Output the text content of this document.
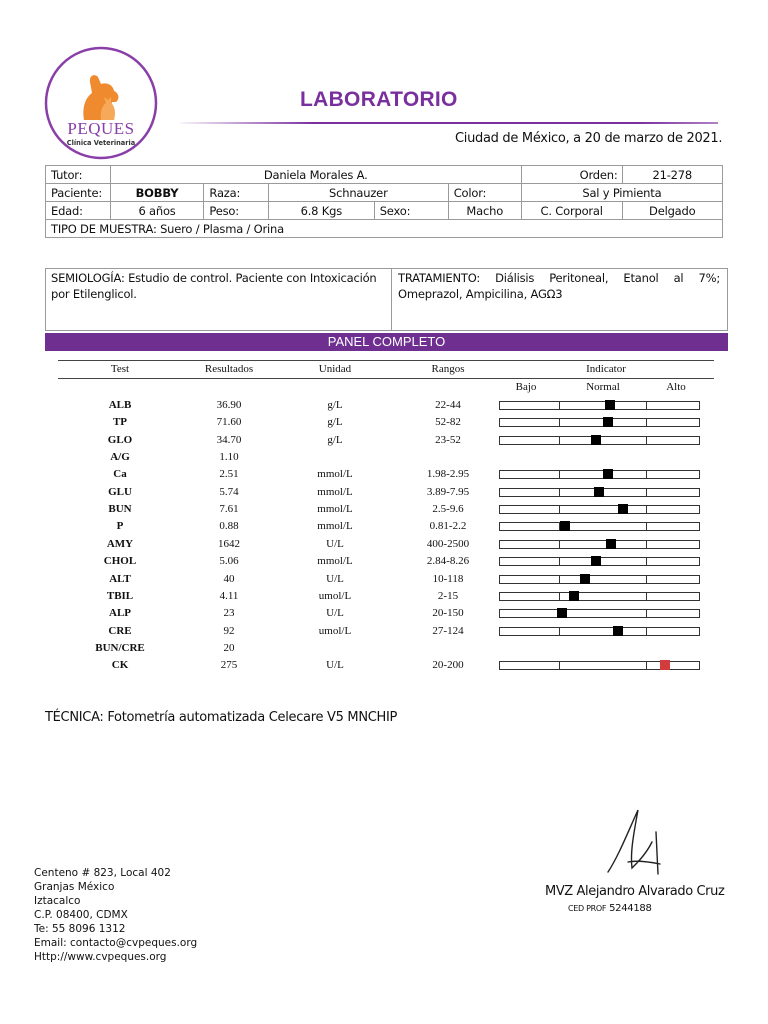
PEQUES
Clínica Veterinaria
LABORATORIO
Ciudad de México, a 20 de marzo de 2021.
Tutor:	Daniela Morales A.					Orden:	21-278
Paciente:	BOBBY	Raza:	Schnauzer		Color:	Sal y Pimienta	
Edad:	6 años	Peso:	6.8 Kgs	Sexo:	Macho	C. Corporal	Delgado
TIPO DE MUESTRA: Suero / Plasma / Orina							
SEMIOLOGÍA: Estudio de control. Paciente con Intoxicación por Etilenglicol.
TRATAMIENTO: Diálisis Peritoneal, Etanol al 7%; Omeprazol, Ampicilina, AGΩ3
PANEL COMPLETO
Test	Resultados	Unidad	Rangos	Indicator
Bajo	Normal	Alto
ALB	36.90	g/L	22-44
TP	71.60	g/L	52-82
GLO	34.70	g/L	23-52
A/G	1.10
Ca	2.51	mmol/L	1.98-2.95
GLU	5.74	mmol/L	3.89-7.95
BUN	7.61	mmol/L	2.5-9.6
P	0.88	mmol/L	0.81-2.2
AMY	1642	U/L	400-2500
CHOL	5.06	mmol/L	2.84-8.26
ALT	40	U/L	10-118
TBIL	4.11	umol/L	2-15
ALP	23	U/L	20-150
CRE	92	umol/L	27-124
BUN/CRE	20
CK	275	U/L	20-200
TÉCNICA: Fotometría automatizada Celecare V5 MNCHIP
MVZ Alejandro Alvarado Cruz
CED PROF 5244188
Centeno # 823, Local 402
Granjas México
Iztacalco
C.P. 08400, CDMX
Te: 55 8096 1312
Email: contacto@cvpeques.org
Http://www.cvpeques.org
